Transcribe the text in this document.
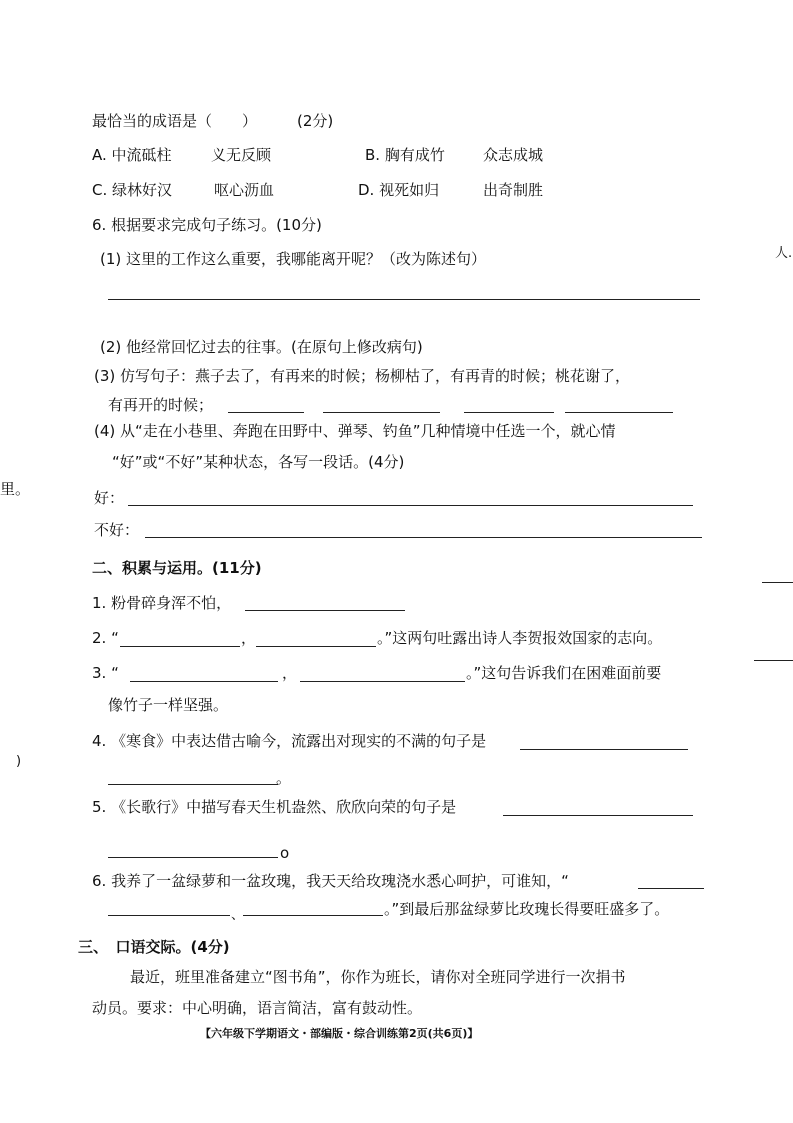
最恰当的成语是（　　）	(2分)
A. 中流砥柱	义无反顾	B. 胸有成竹	众志成城
C. 绿林好汉	呕心沥血	D. 视死如归	出奇制胜
6. 根据要求完成句子练习。(10分)
人.
(1) 这里的工作这么重要，我哪能离开呢？（改为陈述句）
(2) 他经常回忆过去的往事。(在原句上修改病句)
(3) 仿写句子：燕子去了，有再来的时候；杨柳枯了，有再青的时候；桃花谢了，
有再开的时候；
(4) 从“走在小巷里、奔跑在田野中、弹琴、钓鱼”几种情境中任选一个，就心情
“好”或“不好”某种状态，各写一段话。(4分)
里。	好：
不好：
二、积累与运用。(11分)
1. 粉骨碎身浑不怕，
2. “	，	。”这两句吐露出诗人李贺报效国家的志向。
3. “	，	。”这句告诉我们在困难面前要
像竹子一样坚强。
4. 《寒食》中表达借古喻今，流露出对现实的不满的句子是
)
。
5. 《长歌行》中描写春天生机盎然、欣欣向荣的句子是
o
6. 我养了一盆绿萝和一盆玫瑰，我天天给玫瑰浇水悉心呵护，可谁知，“
、	。”到最后那盆绿萝比玫瑰长得要旺盛多了。
三、　口语交际。(4分)
最近，班里准备建立“图书角”，你作为班长，请你对全班同学进行一次捐书
动员。要求：中心明确，语言简洁，富有鼓动性。
【六年级下学期语文・部编版・综合训练第2页(共6页)】
